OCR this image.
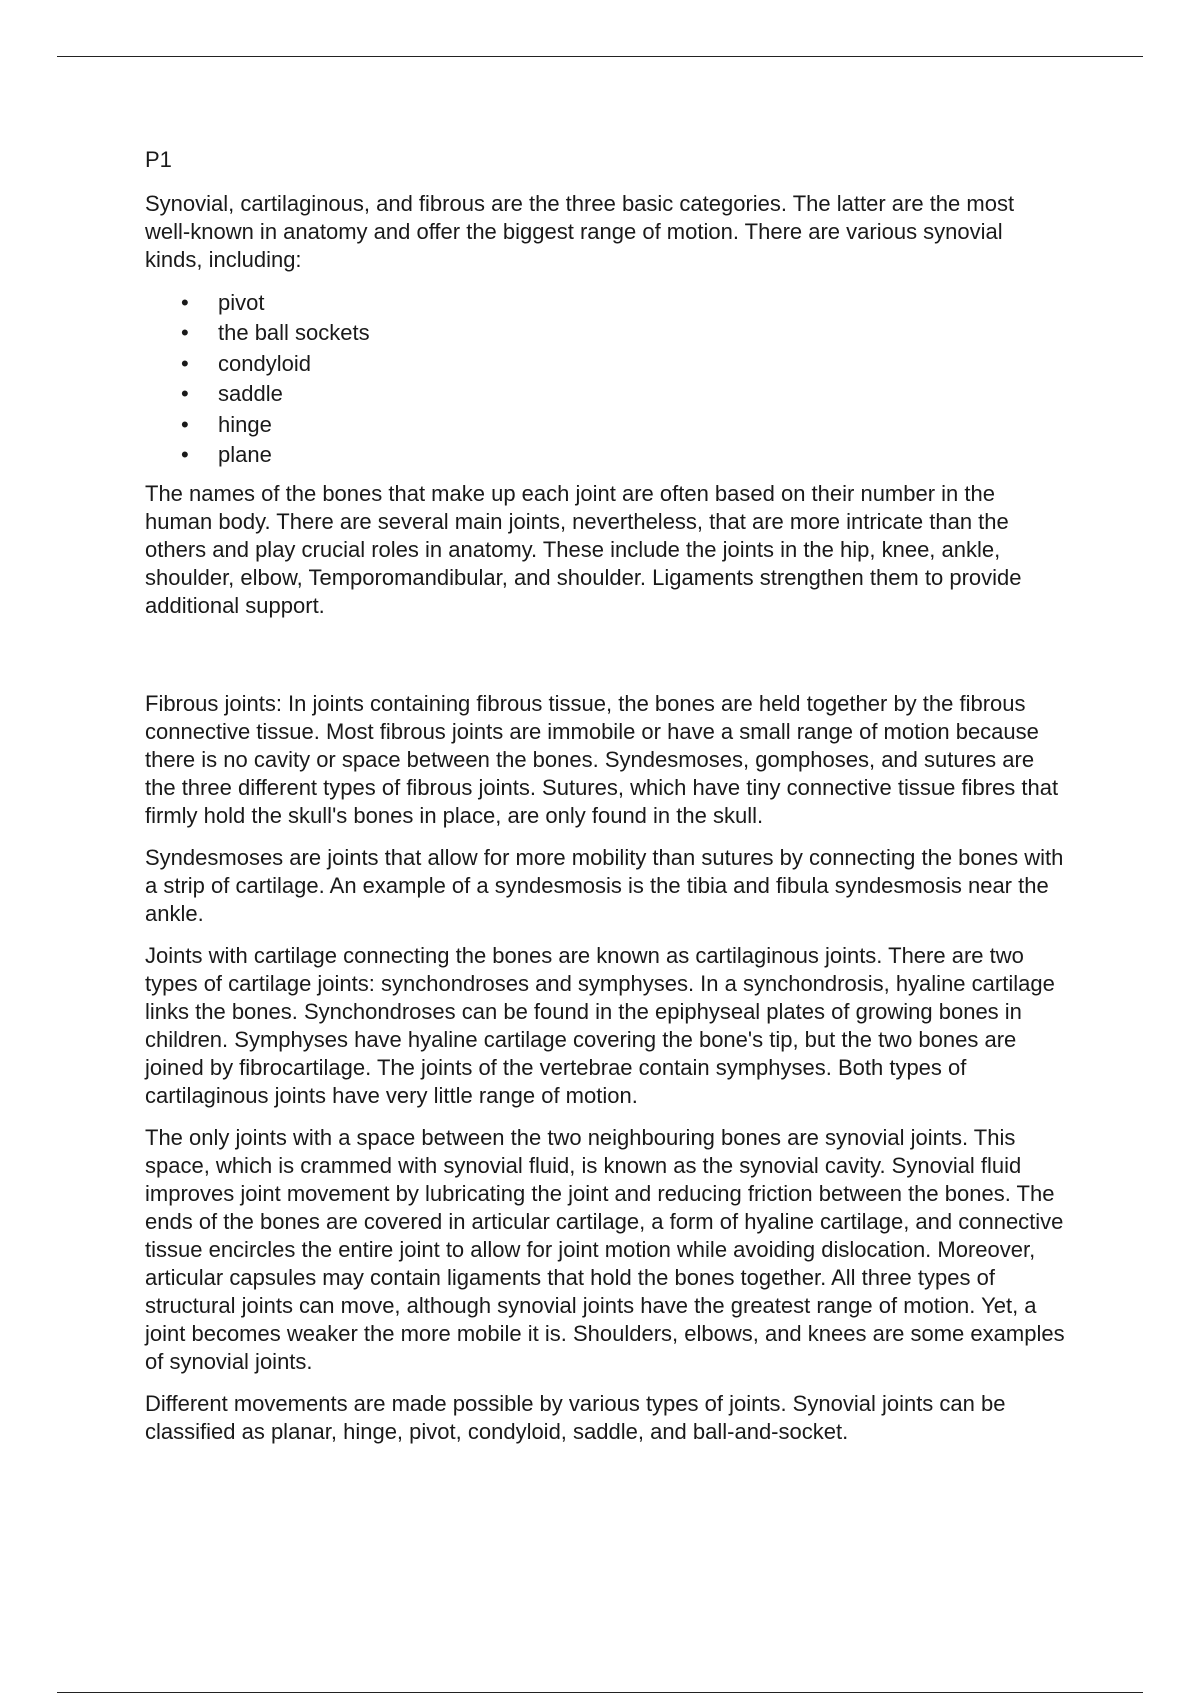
P1

Synovial, cartilaginous, and fibrous are the three basic categories. The latter are the most well-known in anatomy and offer the biggest range of motion. There are various synovial kinds, including:

• pivot
• the ball sockets
• condyloid
• saddle
• hinge
• plane

The names of the bones that make up each joint are often based on their number in the human body. There are several main joints, nevertheless, that are more intricate than the others and play crucial roles in anatomy. These include the joints in the hip, knee, ankle, shoulder, elbow, Temporomandibular, and shoulder. Ligaments strengthen them to provide additional support.

Fibrous joints: In joints containing fibrous tissue, the bones are held together by the fibrous connective tissue. Most fibrous joints are immobile or have a small range of motion because there is no cavity or space between the bones. Syndesmoses, gomphoses, and sutures are the three different types of fibrous joints. Sutures, which have tiny connective tissue fibres that firmly hold the skull's bones in place, are only found in the skull.

Syndesmoses are joints that allow for more mobility than sutures by connecting the bones with a strip of cartilage. An example of a syndesmosis is the tibia and fibula syndesmosis near the ankle.

Joints with cartilage connecting the bones are known as cartilaginous joints. There are two types of cartilage joints: synchondroses and symphyses. In a synchondrosis, hyaline cartilage links the bones. Synchondroses can be found in the epiphyseal plates of growing bones in children. Symphyses have hyaline cartilage covering the bone's tip, but the two bones are joined by fibrocartilage. The joints of the vertebrae contain symphyses. Both types of cartilaginous joints have very little range of motion.

The only joints with a space between the two neighbouring bones are synovial joints. This space, which is crammed with synovial fluid, is known as the synovial cavity. Synovial fluid improves joint movement by lubricating the joint and reducing friction between the bones. The ends of the bones are covered in articular cartilage, a form of hyaline cartilage, and connective tissue encircles the entire joint to allow for joint motion while avoiding dislocation. Moreover, articular capsules may contain ligaments that hold the bones together. All three types of structural joints can move, although synovial joints have the greatest range of motion. Yet, a joint becomes weaker the more mobile it is. Shoulders, elbows, and knees are some examples of synovial joints.

Different movements are made possible by various types of joints. Synovial joints can be classified as planar, hinge, pivot, condyloid, saddle, and ball-and-socket.
